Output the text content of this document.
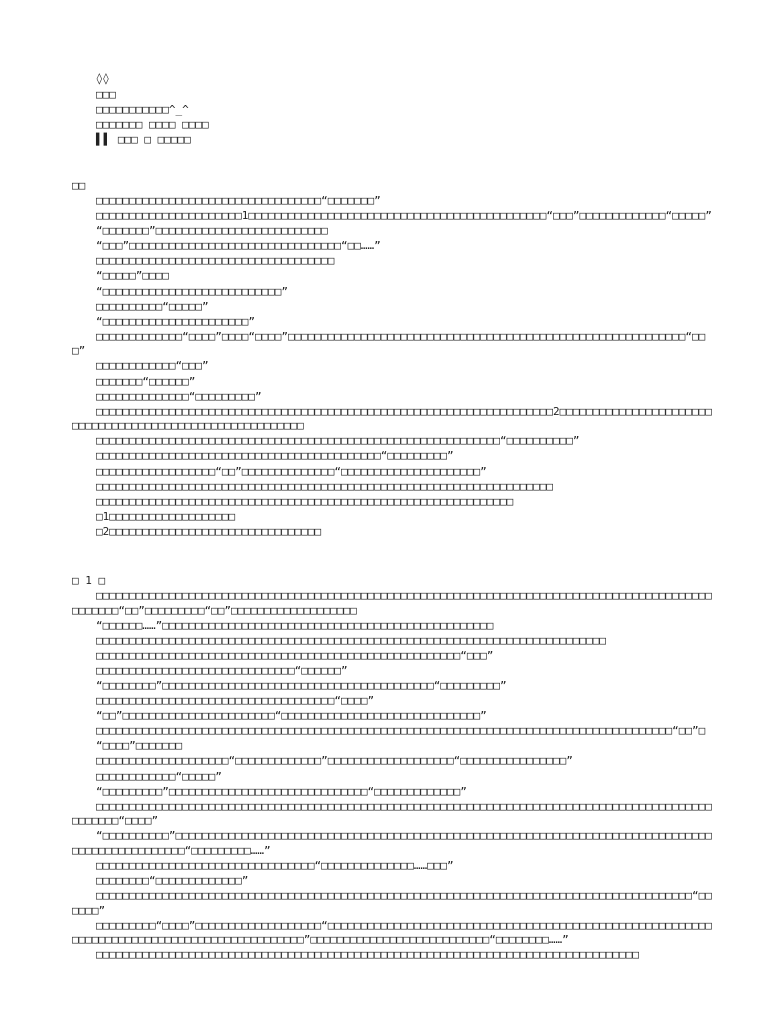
◊◊
□□□
□□□□□□□□□□□^_^
□□□□□□□ □□□□ □□□□
▌▌ □□□ □ □□□□□
□□
□□□□□□□□□□□□□□□□□□□□□□□□□□□□□□□□□□“□□□□□□□”
□□□□□□□□□□□□□□□□□□□□□□1□□□□□□□□□□□□□□□□□□□□□□□□□□□□□□□□□□□□□□□□□□□□□“□□□”□□□□□□□□□□□□□“□□□□□”
“□□□□□□□”□□□□□□□□□□□□□□□□□□□□□□□□□□
“□□□”□□□□□□□□□□□□□□□□□□□□□□□□□□□□□□□□“□□……”
□□□□□□□□□□□□□□□□□□□□□□□□□□□□□□□□□□□□
“□□□□□”□□□□
“□□□□□□□□□□□□□□□□□□□□□□□□□□□”
□□□□□□□□□□“□□□□□”
“□□□□□□□□□□□□□□□□□□□□□□”
□□□□□□□□□□□□□“□□□□”□□□□“□□□□”□□□□□□□□□□□□□□□□□□□□□□□□□□□□□□□□□□□□□□□□□□□□□□□□□□□□□□□□□□□□“□□□”
□□□□□□□□□□□□“□□□”
□□□□□□□“□□□□□□”
□□□□□□□□□□□□□□“□□□□□□□□□”
□□□□□□□□□□□□□□□□□□□□□□□□□□□□□□□□□□□□□□□□□□□□□□□□□□□□□□□□□□□□□□□□□□□□□2□□□□□□□□□□□□□□□□□□□□□□□□□□□□□□□□□□□□□□□□□□□□□□□□□□□□□□□□□□
□□□□□□□□□□□□□□□□□□□□□□□□□□□□□□□□□□□□□□□□□□□□□□□□□□□□□□□□□□□□□“□□□□□□□□□□”
□□□□□□□□□□□□□□□□□□□□□□□□□□□□□□□□□□□□□□□□□□□“□□□□□□□□□”
□□□□□□□□□□□□□□□□□□“□□”□□□□□□□□□□□□□□“□□□□□□□□□□□□□□□□□□□□□”
□□□□□□□□□□□□□□□□□□□□□□□□□□□□□□□□□□□□□□□□□□□□□□□□□□□□□□□□□□□□□□□□□□□□□
□□□□□□□□□□□□□□□□□□□□□□□□□□□□□□□□□□□□□□□□□□□□□□□□□□□□□□□□□□□□□□□
□1□□□□□□□□□□□□□□□□□□□
□2□□□□□□□□□□□□□□□□□□□□□□□□□□□□□□□□
□ 1 □
□□□□□□□□□□□□□□□□□□□□□□□□□□□□□□□□□□□□□□□□□□□□□□□□□□□□□□□□□□□□□□□□□□□□□□□□□□□□□□□□□□□□□□□□□□□□□□□□□□□□“□□”□□□□□□□□□“□□”□□□□□□□□□□□□□□□□□□□
“□□□□□□……”□□□□□□□□□□□□□□□□□□□□□□□□□□□□□□□□□□□□□□□□□□□□□□□□□□
□□□□□□□□□□□□□□□□□□□□□□□□□□□□□□□□□□□□□□□□□□□□□□□□□□□□□□□□□□□□□□□□□□□□□□□□□□□□□
□□□□□□□□□□□□□□□□□□□□□□□□□□□□□□□□□□□□□□□□□□□□□□□□□□□□□□□“□□□”
□□□□□□□□□□□□□□□□□□□□□□□□□□□□□□“□□□□□□”
“□□□□□□□□”□□□□□□□□□□□□□□□□□□□□□□□□□□□□□□□□□□□□□□□□□“□□□□□□□□□”
□□□□□□□□□□□□□□□□□□□□□□□□□□□□□□□□□□□□“□□□□”
“□□”□□□□□□□□□□□□□□□□□□□□□□□“□□□□□□□□□□□□□□□□□□□□□□□□□□□□□□”
□□□□□□□□□□□□□□□□□□□□□□□□□□□□□□□□□□□□□□□□□□□□□□□□□□□□□□□□□□□□□□□□□□□□□□□□□□□□□□□□□□□□□□□“□□”□
“□□□□”□□□□□□□
□□□□□□□□□□□□□□□□□□□□“□□□□□□□□□□□□□”□□□□□□□□□□□□□□□□□□□“□□□□□□□□□□□□□□□□”
□□□□□□□□□□□□“□□□□□”
“□□□□□□□□□”□□□□□□□□□□□□□□□□□□□□□□□□□□□□□□“□□□□□□□□□□□□□”
□□□□□□□□□□□□□□□□□□□□□□□□□□□□□□□□□□□□□□□□□□□□□□□□□□□□□□□□□□□□□□□□□□□□□□□□□□□□□□□□□□□□□□□□□□□□□□□□□□□□“□□□□”
“□□□□□□□□□□”□□□□□□□□□□□□□□□□□□□□□□□□□□□□□□□□□□□□□□□□□□□□□□□□□□□□□□□□□□□□□□□□□□□□□□□□□□□□□□□□□□□□□□□□□□□□□□□□□□“□□□□□□□□□……”
□□□□□□□□□□□□□□□□□□□□□□□□□□□□□□□□□“□□□□□□□□□□□□□□……□□□”
□□□□□□□□“□□□□□□□□□□□□□”
□□□□□□□□□□□□□□□□□□□□□□□□□□□□□□□□□□□□□□□□□□□□□□□□□□□□□□□□□□□□□□□□□□□□□□□□□□□□□□□□□□□□□□□□□□“□□□□□□”
□□□□□□□□□“□□□□”□□□□□□□□□□□□□□□□□□□“□□□□□□□□□□□□□□□□□□□□□□□□□□□□□□□□□□□□□□□□□□□□□□□□□□□□□□□□□□□□□□□□□□□□□□□□□□□□□□□□□□□□□□□□□□□□□”□□□□□□□□□□□□□□□□□□□□□□□□□□□“□□□□□□□□……”
□□□□□□□□□□□□□□□□□□□□□□□□□□□□□□□□□□□□□□□□□□□□□□□□□□□□□□□□□□□□□□□□□□□□□□□□□□□□□□□□□□
